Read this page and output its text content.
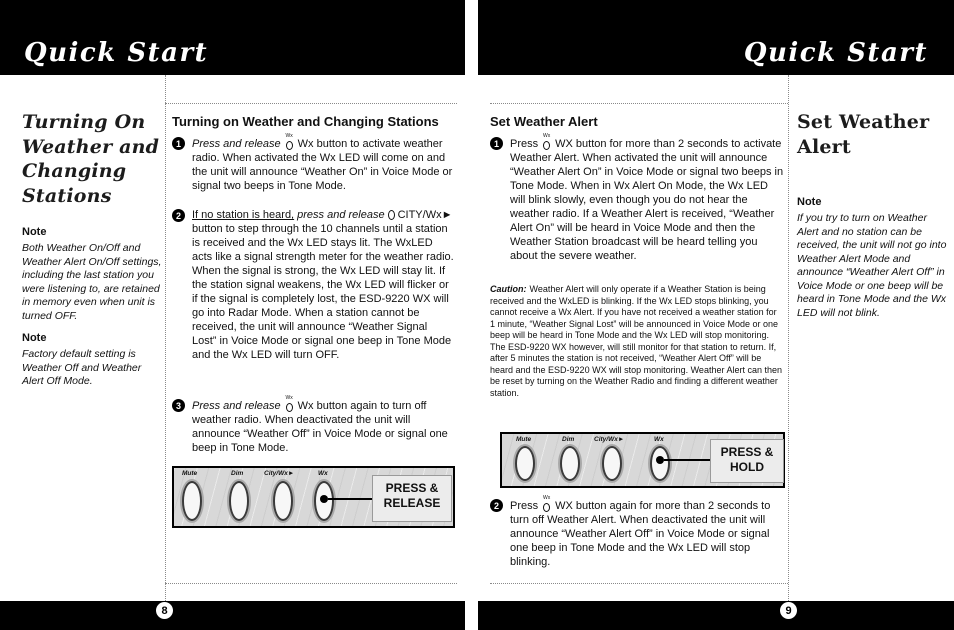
Quick Start	Quick Start
Turning On Weather and Changing Stations
Note
Both Weather On/Off and Weather Alert On/Off settings, including the last station you were listening to, are retained in memory even when unit is turned OFF.
Note
Factory default setting is Weather Off and Weather Alert Off Mode.
Turning on Weather and Changing Stations
1	Press and release
Wx
Wx button to activate weather radio. When activated the Wx LED will come on and the unit will announce “Weather On” in Voice Mode or signal two beeps in Tone Mode.
2	If no station is heard, press and release CITY/Wx► button to step through the 10 channels until a station is received and the Wx LED stays lit. The WxLED acts like a signal strength meter for the weather radio. When the signal is strong, the Wx LED will stay lit. If the station signal weakens, the Wx LED will flicker or if the signal is completely lost, the ESD-9220 WX will go into Radar Mode. When a station cannot be received, the unit will announce “Weather Signal Lost” in Voice Mode or signal one beep in Tone Mode and the Wx LED will turn OFF.
3	Press and release
Wx
Wx button again to turn off weather radio. When deactivated the unit will announce “Weather Off” in Voice Mode or signal one beep in Tone Mode.
Mute	Dim	City/Wx►	Wx
PRESS &
RELEASE
Set Weather Alert
1	Press
Wx
WX button for more than 2 seconds to activate Weather Alert. When activated the unit will announce “Weather Alert On” in Voice Mode or signal two beeps in Tone Mode. When in Wx Alert On Mode, the Wx LED will blink slowly, even though you do not hear the weather radio. If a Weather Alert is received, “Weather Alert On” will be heard in Voice Mode and then the Weather Station broadcast will be heard telling you about the severe weather.
Caution: Weather Alert will only operate if a Weather Station is being received and the WxLED is blinking. If the Wx LED stops blinking, you cannot receive a Wx Alert. If you have not received a weather station for 1 minute, “Weather Signal Lost” will be announced in Voice Mode or one beep will be heard in Tone Mode and the Wx LED will stop monitoring. The ESD-9220 WX however, will still monitor for that station to return. If, after 5 minutes the station is not received, “Weather Alert Off” will be heard and the ESD-9220 WX will stop monitoring. Weather Alert can then be reset by turning on the Weather Radio and finding a different weather station.
Mute	Dim	City/Wx►	Wx
PRESS &
HOLD
2	Press
Wx
WX button again for more than 2 seconds to turn off Weather Alert. When deactivated the unit will announce “Weather Alert Off” in Voice Mode or signal one beep in Tone Mode and the Wx LED will stop blinking.
Set Weather Alert
Note
If you try to turn on Weather Alert and no station can be received, the unit will not go into Weather Alert Mode and announce “Weather Alert Off” in Voice Mode or one beep will be heard in Tone Mode and the Wx LED will not blink.
8	9
